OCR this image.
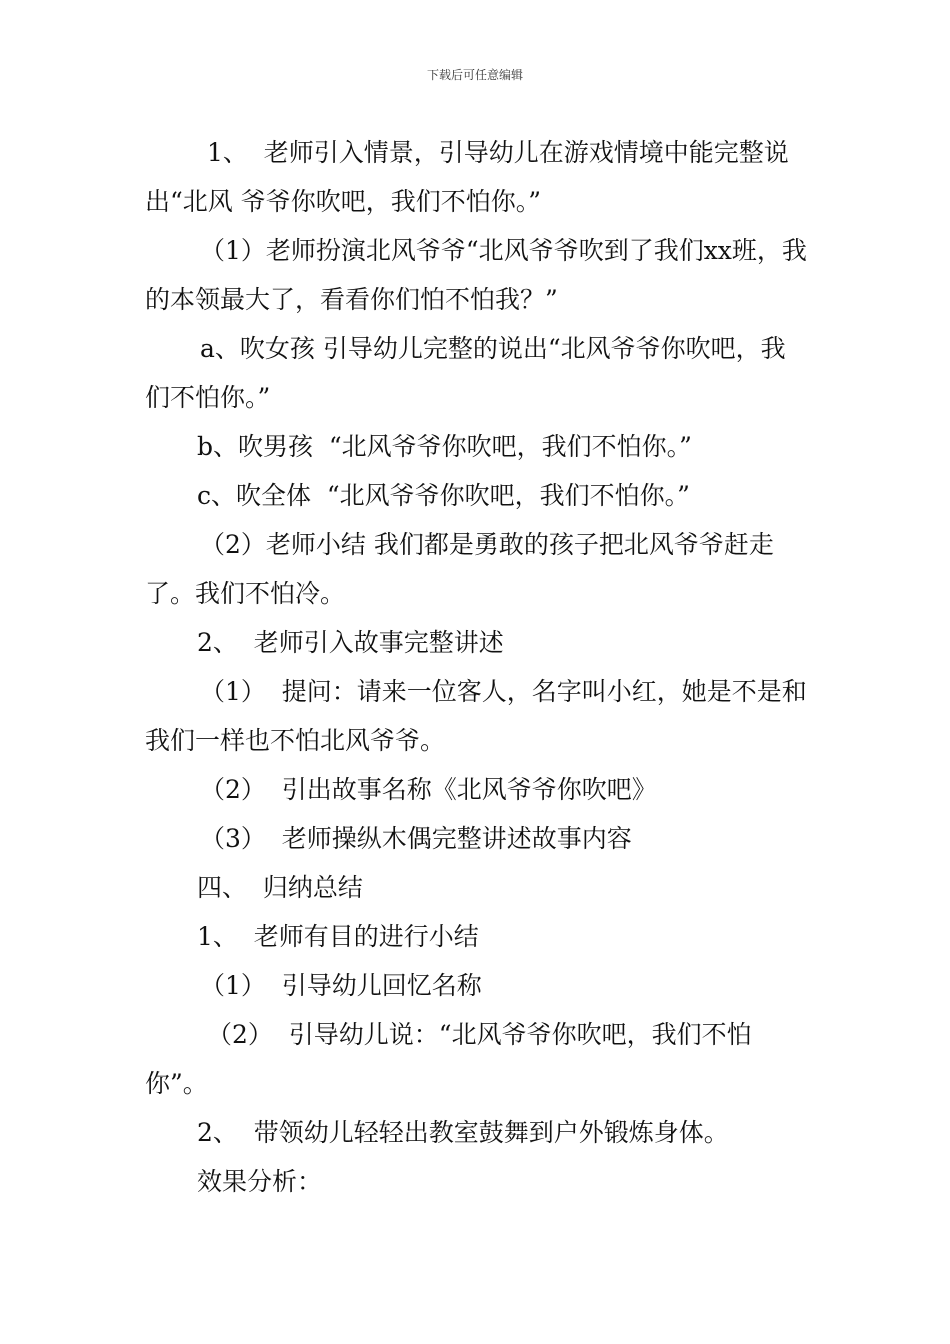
下载后可任意编辑

1、  老师引入情景，引导幼儿在游戏情境中能完整说出“北风 爷爷你吹吧，我们不怕你。”

（1）老师扮演北风爷爷“北风爷爷吹到了我们xx班，我的本领最大了，看看你们怕不怕我？”

a、吹女孩 引导幼儿完整的说出“北风爷爷你吹吧，我们不怕你。”

b、吹男孩  “北风爷爷你吹吧，我们不怕你。”

c、吹全体  “北风爷爷你吹吧，我们不怕你。”

（2）老师小结 我们都是勇敢的孩子把北风爷爷赶走了。我们不怕冷。

2、  老师引入故事完整讲述

（1）  提问：请来一位客人，名字叫小红，她是不是和我们一样也不怕北风爷爷。

（2）  引出故事名称《北风爷爷你吹吧》

（3）  老师操纵木偶完整讲述故事内容

四、  归纳总结

1、  老师有目的进行小结

（1）  引导幼儿回忆名称

（2）  引导幼儿说：“北风爷爷你吹吧，我们不怕你”。

2、  带领幼儿轻轻出教室鼓舞到户外锻炼身体。

效果分析：
